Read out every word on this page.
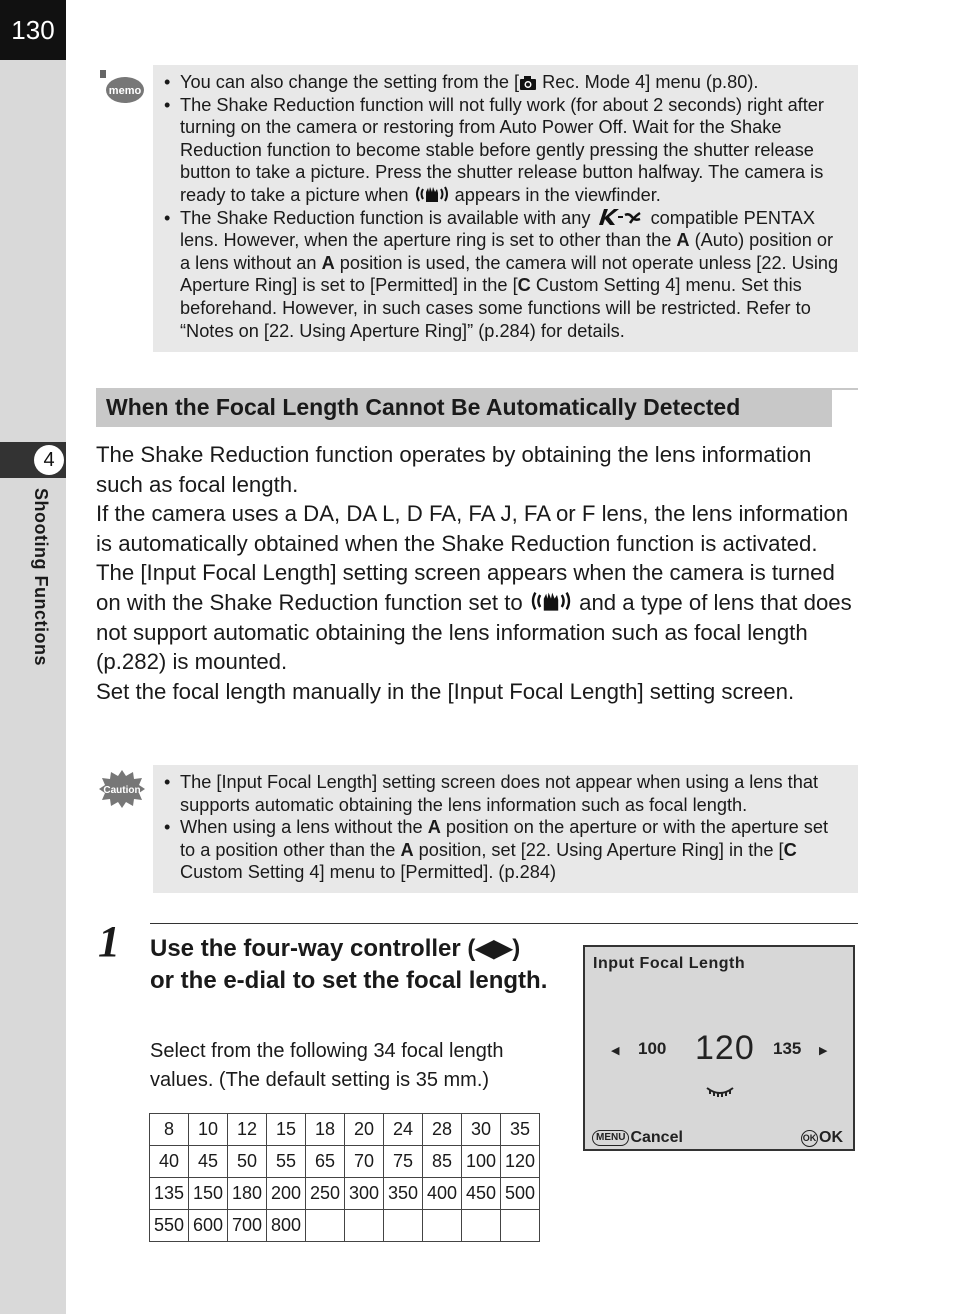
130
4
Shooting Functions
memo	• You can also change the setting from the [ Rec. Mode 4] menu (p.80).
• The Shake Reduction function will not fully work (for about 2 seconds) right after turning on the camera or restoring from Auto Power Off. Wait for the Shake Reduction function to become stable before gently pressing the shutter release button to take a picture. Press the shutter release button halfway. The camera is ready to take a picture when  appears in the viewfinder.
• The Shake Reduction function is available with any	compatible PENTAX lens. However, when the aperture ring is set to other than the A (Auto) position or a lens without an A position is used, the camera will not operate unless [22. Using Aperture Ring] is set to [Permitted] in the [C Custom Setting 4] menu. Set this beforehand. However, in such cases some functions will be restricted. Refer to “Notes on [22. Using Aperture Ring]” (p.284) for details.
When the Focal Length Cannot Be Automatically Detected

The Shake Reduction function operates by obtaining the lens information such as focal length.

If the camera uses a DA, DA L, D FA, FA J, FA or F lens, the lens information is automatically obtained when the Shake Reduction function is activated.

The [Input Focal Length] setting screen appears when the camera is turned on with the Shake Reduction function set to  and a type of lens that does not support automatic obtaining the lens information such as focal length (p.282) is mounted.

Set the focal length manually in the [Input Focal Length] setting screen.

Caution	• The [Input Focal Length] setting screen does not appear when using a lens that supports automatic obtaining the lens information such as focal length.
• When using a lens without the A position on the aperture or with the aperture set to a position other than the A position, set [22. Using Aperture Ring] in the [C Custom Setting 4] menu to [Permitted]. (p.284)
1 Use the four-way controller (◀▶) or the e-dial to set the focal length.
Select from the following 34 focal length values. (The default setting is 35 mm.)
8	10	12	15	18	20	24	28	30	35
40	45	50	55	65	70	75	85	100	120
135	150	180	200	250	300	350	400	450	500
550	600	700	800						
Input Focal Length
◀ 100 120 135 ▶
MENU Cancel	OK OK
